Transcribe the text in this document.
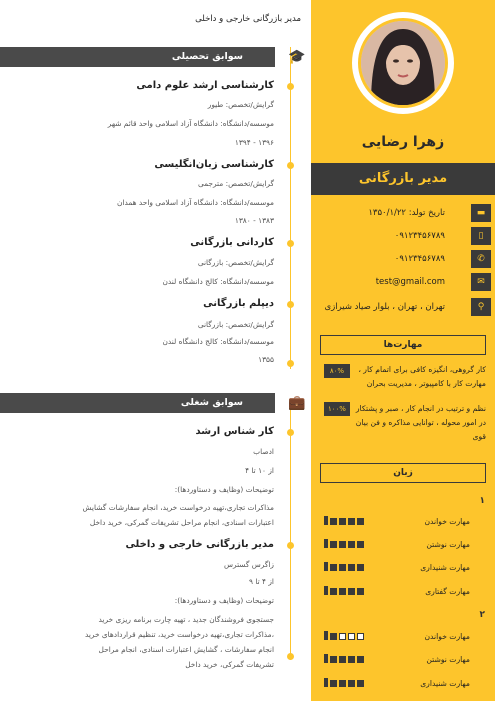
زهرا رضایی
مدیر بازرگانی
▬
تاریخ تولد: ۱۳۵۰/۱/۲۲
▯
۰۹۱۲۳۴۵۶۷۸۹
✆
۰۹۱۲۳۴۵۶۷۸۹
✉
test@gmail.com
⚲
تهران ، تهران ، بلوار صیاد شیرازی
مهارت‌ها
کار گروهی، انگیزه کافی برای اتمام کار ، مهارت کار با کامپیوتر ، مدیریت بحران
نظم و ترتیب در انجام کار ، صبر و پشتکار در امور محوله ، توانایی مذاکره و فن بیان قوی
زبان
۱
مهارت خواندن
مهارت نوشتن
مهارت شنیداری
مهارت گفتاری
۲
مهارت خواندن
مهارت نوشتن
مهارت شنیداری
۸۰%
۱۰۰%
مدیر بازرگانی خارجی و داخلی
سوابق تحصیلی	🎓
کارشناسی ارشد علوم دامی
گرایش/تخصص: طیور
موسسه/دانشگاه: دانشگاه آزاد اسلامی واحد قائم شهر
۱۳۹۶ - ۱۳۹۴
کارشناسی زبان‌انگلیسی
گرایش/تخصص: مترجمی
موسسه/دانشگاه: دانشگاه آزاد اسلامی واحد همدان
۱۳۸۳ - ۱۳۸۰
کاردانی بازرگانی
گرایش/تخصص: بازرگانی
موسسه/دانشگاه: کالج دانشگاه لندن
دیپلم بازرگانی
گرایش/تخصص: بازرگانی
موسسه/دانشگاه: کالج دانشگاه لندن
۱۳۵۵
سوابق شغلی	💼
کار شناس ارشد
ادصاب
از ۱۰ تا ۴
توضیحات (وظایف و دستاوردها):
مذاکرات تجاری،تهیه درخواست خرید، انجام سفارشات گشایش اعتبارات اسنادی، انجام مراحل تشریفات گمرکی، خرید داخل
مدیر بازرگانی خارجی و داخلی
زاگرس گسترس
از ۴ تا ۹
توضیحات (وظایف و دستاوردها):
جستجوی فروشندگان جدید ، تهیه چارت برنامه ریزی خرید ،مذاکرات تجاری،تهیه درخواست خرید، تنظیم قراردادهای خرید انجام سفارشات ، گشایش اعتبارات اسنادی، انجام مراحل تشریفات گمرکی، خرید داخل
